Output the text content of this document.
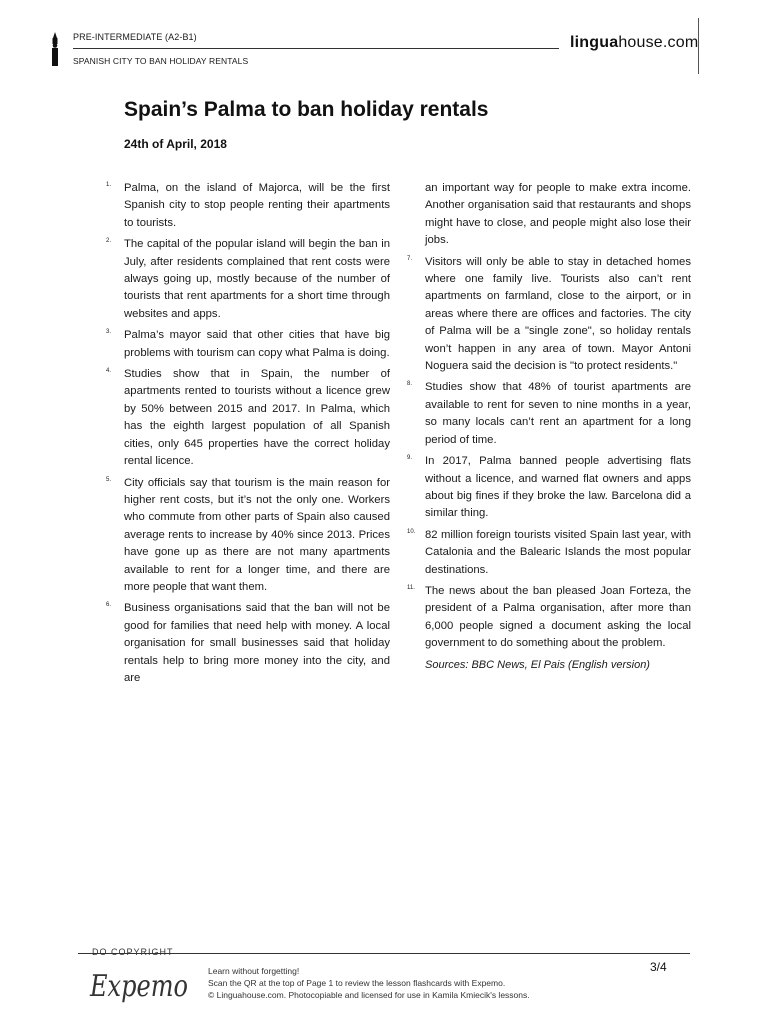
PRE-INTERMEDIATE (A2-B1)
SPANISH CITY TO BAN HOLIDAY RENTALS
linguahouse.com
Spain’s Palma to ban holiday rentals
24th of April, 2018
1. Palma, on the island of Majorca, will be the first Spanish city to stop people renting their apartments to tourists.
2. The capital of the popular island will begin the ban in July, after residents complained that rent costs were always going up, mostly because of the number of tourists that rent apartments for a short time through websites and apps.
3. Palma’s mayor said that other cities that have big problems with tourism can copy what Palma is doing.
4. Studies show that in Spain, the number of apartments rented to tourists without a licence grew by 50% between 2015 and 2017. In Palma, which has the eighth largest population of all Spanish cities, only 645 properties have the correct holiday rental licence.
5. City officials say that tourism is the main reason for higher rent costs, but it’s not the only one. Workers who commute from other parts of Spain also caused average rents to increase by 40% since 2013. Prices have gone up as there are not many apartments available to rent for a longer time, and there are more people that want them.
6. Business organisations said that the ban will not be good for families that need help with money. A local organisation for small businesses said that holiday rentals help to bring more money into the city, and are
an important way for people to make extra income. Another organisation said that restaurants and shops might have to close, and people might also lose their jobs.
7. Visitors will only be able to stay in detached homes where one family live. Tourists also can’t rent apartments on farmland, close to the airport, or in areas where there are offices and factories. The city of Palma will be a "single zone", so holiday rentals won’t happen in any area of town. Mayor Antoni Noguera said the decision is "to protect residents."
8. Studies show that 48% of tourist apartments are available to rent for seven to nine months in a year, so many locals can’t rent an apartment for a long period of time.
9. In 2017, Palma banned people advertising flats without a licence, and warned flat owners and apps about big fines if they broke the law. Barcelona did a similar thing.
10. 82 million foreign tourists visited Spain last year, with Catalonia and the Balearic Islands the most popular destinations.
11. The news about the ban pleased Joan Forteza, the president of a Palma organisation, after more than 6,000 people signed a document asking the local government to do something about the problem.
Sources: BBC News, El Pais (English version)
DO COPYRIGHT
Expemo Learn without forgetting!
Scan the QR at the top of Page 1 to review the lesson flashcards with Expemo.
© Linguahouse.com. Photocopiable and licensed for use in Kamila Kmiecik's lessons.
3/4
